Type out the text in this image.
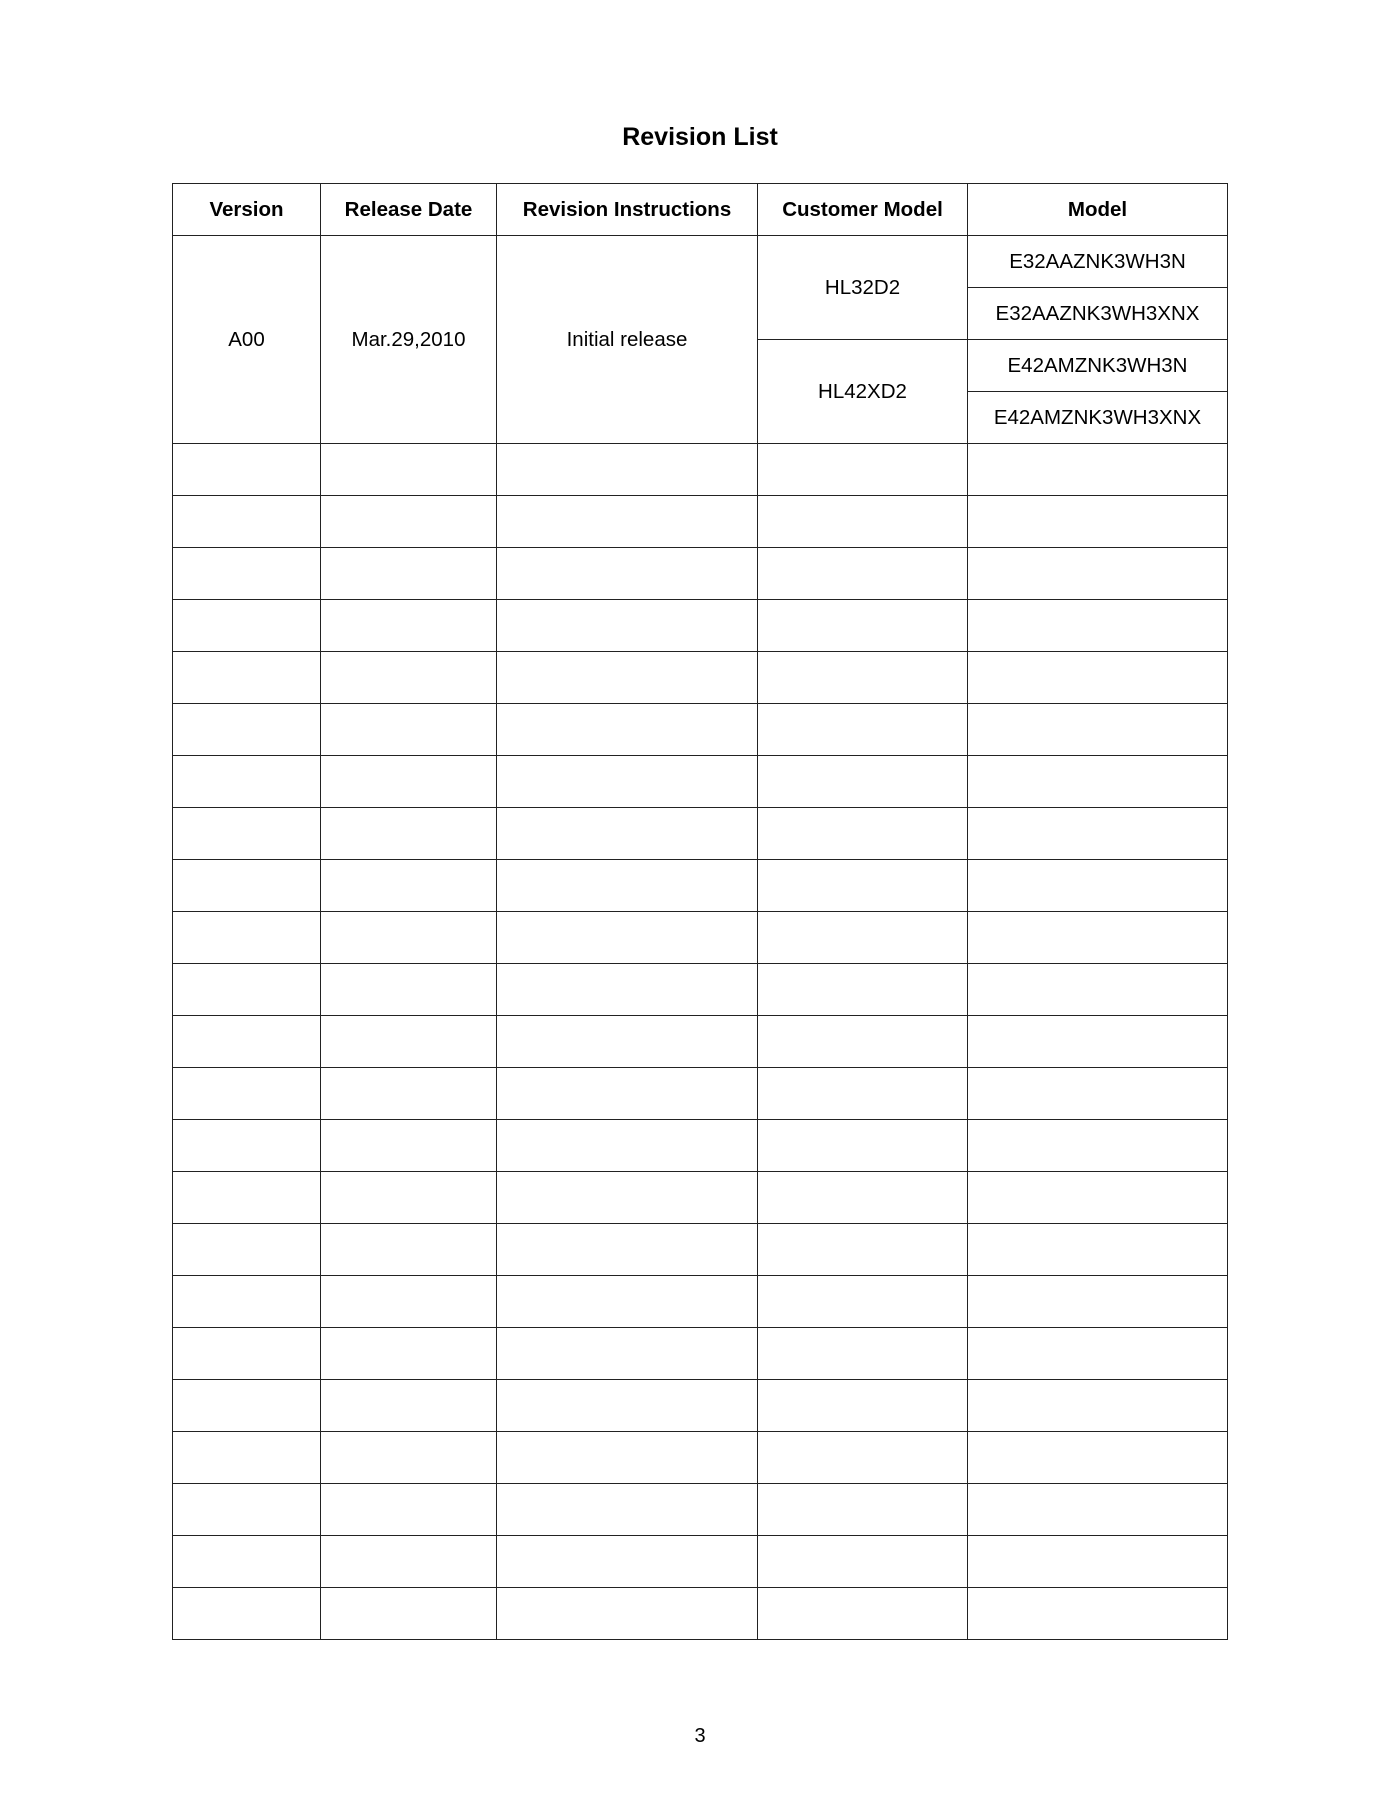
Revision List
Version	Release Date	Revision Instructions	Customer Model	Model
A00	Mar.29,2010	Initial release	HL32D2	E32AAZNK3WH3N
				E32AAZNK3WH3XNX
			HL42XD2	E42AMZNK3WH3N
				E42AMZNK3WH3XNX

3
